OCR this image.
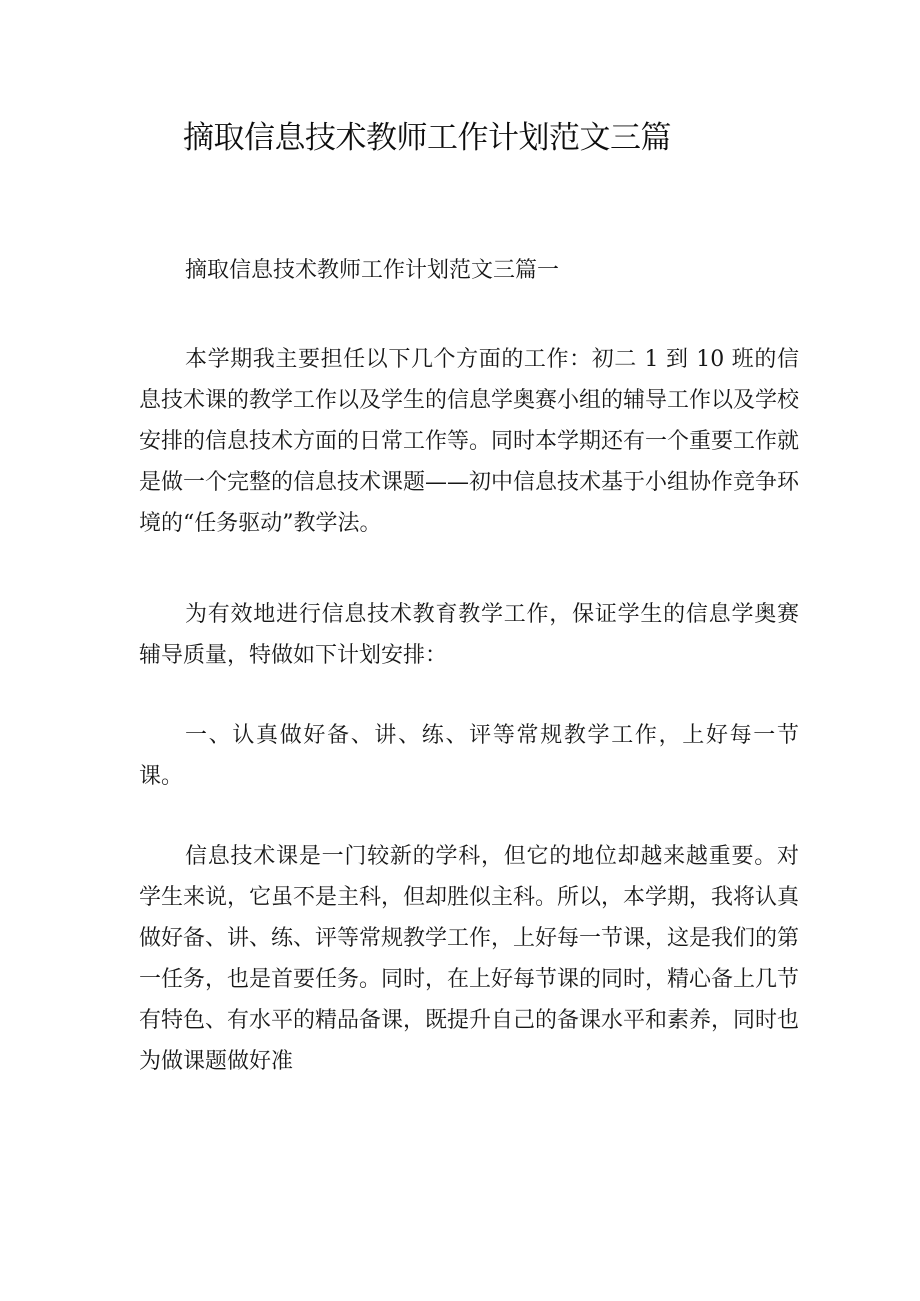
摘取信息技术教师工作计划范文三篇

摘取信息技术教师工作计划范文三篇一

本学期我主要担任以下几个方面的工作：初二 1 到 10 班的信息技术课的教学工作以及学生的信息学奥赛小组的辅导工作以及学校安排的信息技术方面的日常工作等。同时本学期还有一个重要工作就是做一个完整的信息技术课题——初中信息技术基于小组协作竞争环境的“任务驱动”教学法。

为有效地进行信息技术教育教学工作，保证学生的信息学奥赛辅导质量，特做如下计划安排：

一、认真做好备、讲、练、评等常规教学工作，上好每一节课。

信息技术课是一门较新的学科，但它的地位却越来越重要。对学生来说，它虽不是主科，但却胜似主科。所以，本学期，我将认真做好备、讲、练、评等常规教学工作，上好每一节课，这是我们的第一任务，也是首要任务。同时，在上好每节课的同时，精心备上几节有特色、有水平的精品备课，既提升自己的备课水平和素养，同时也为做课题做好准
